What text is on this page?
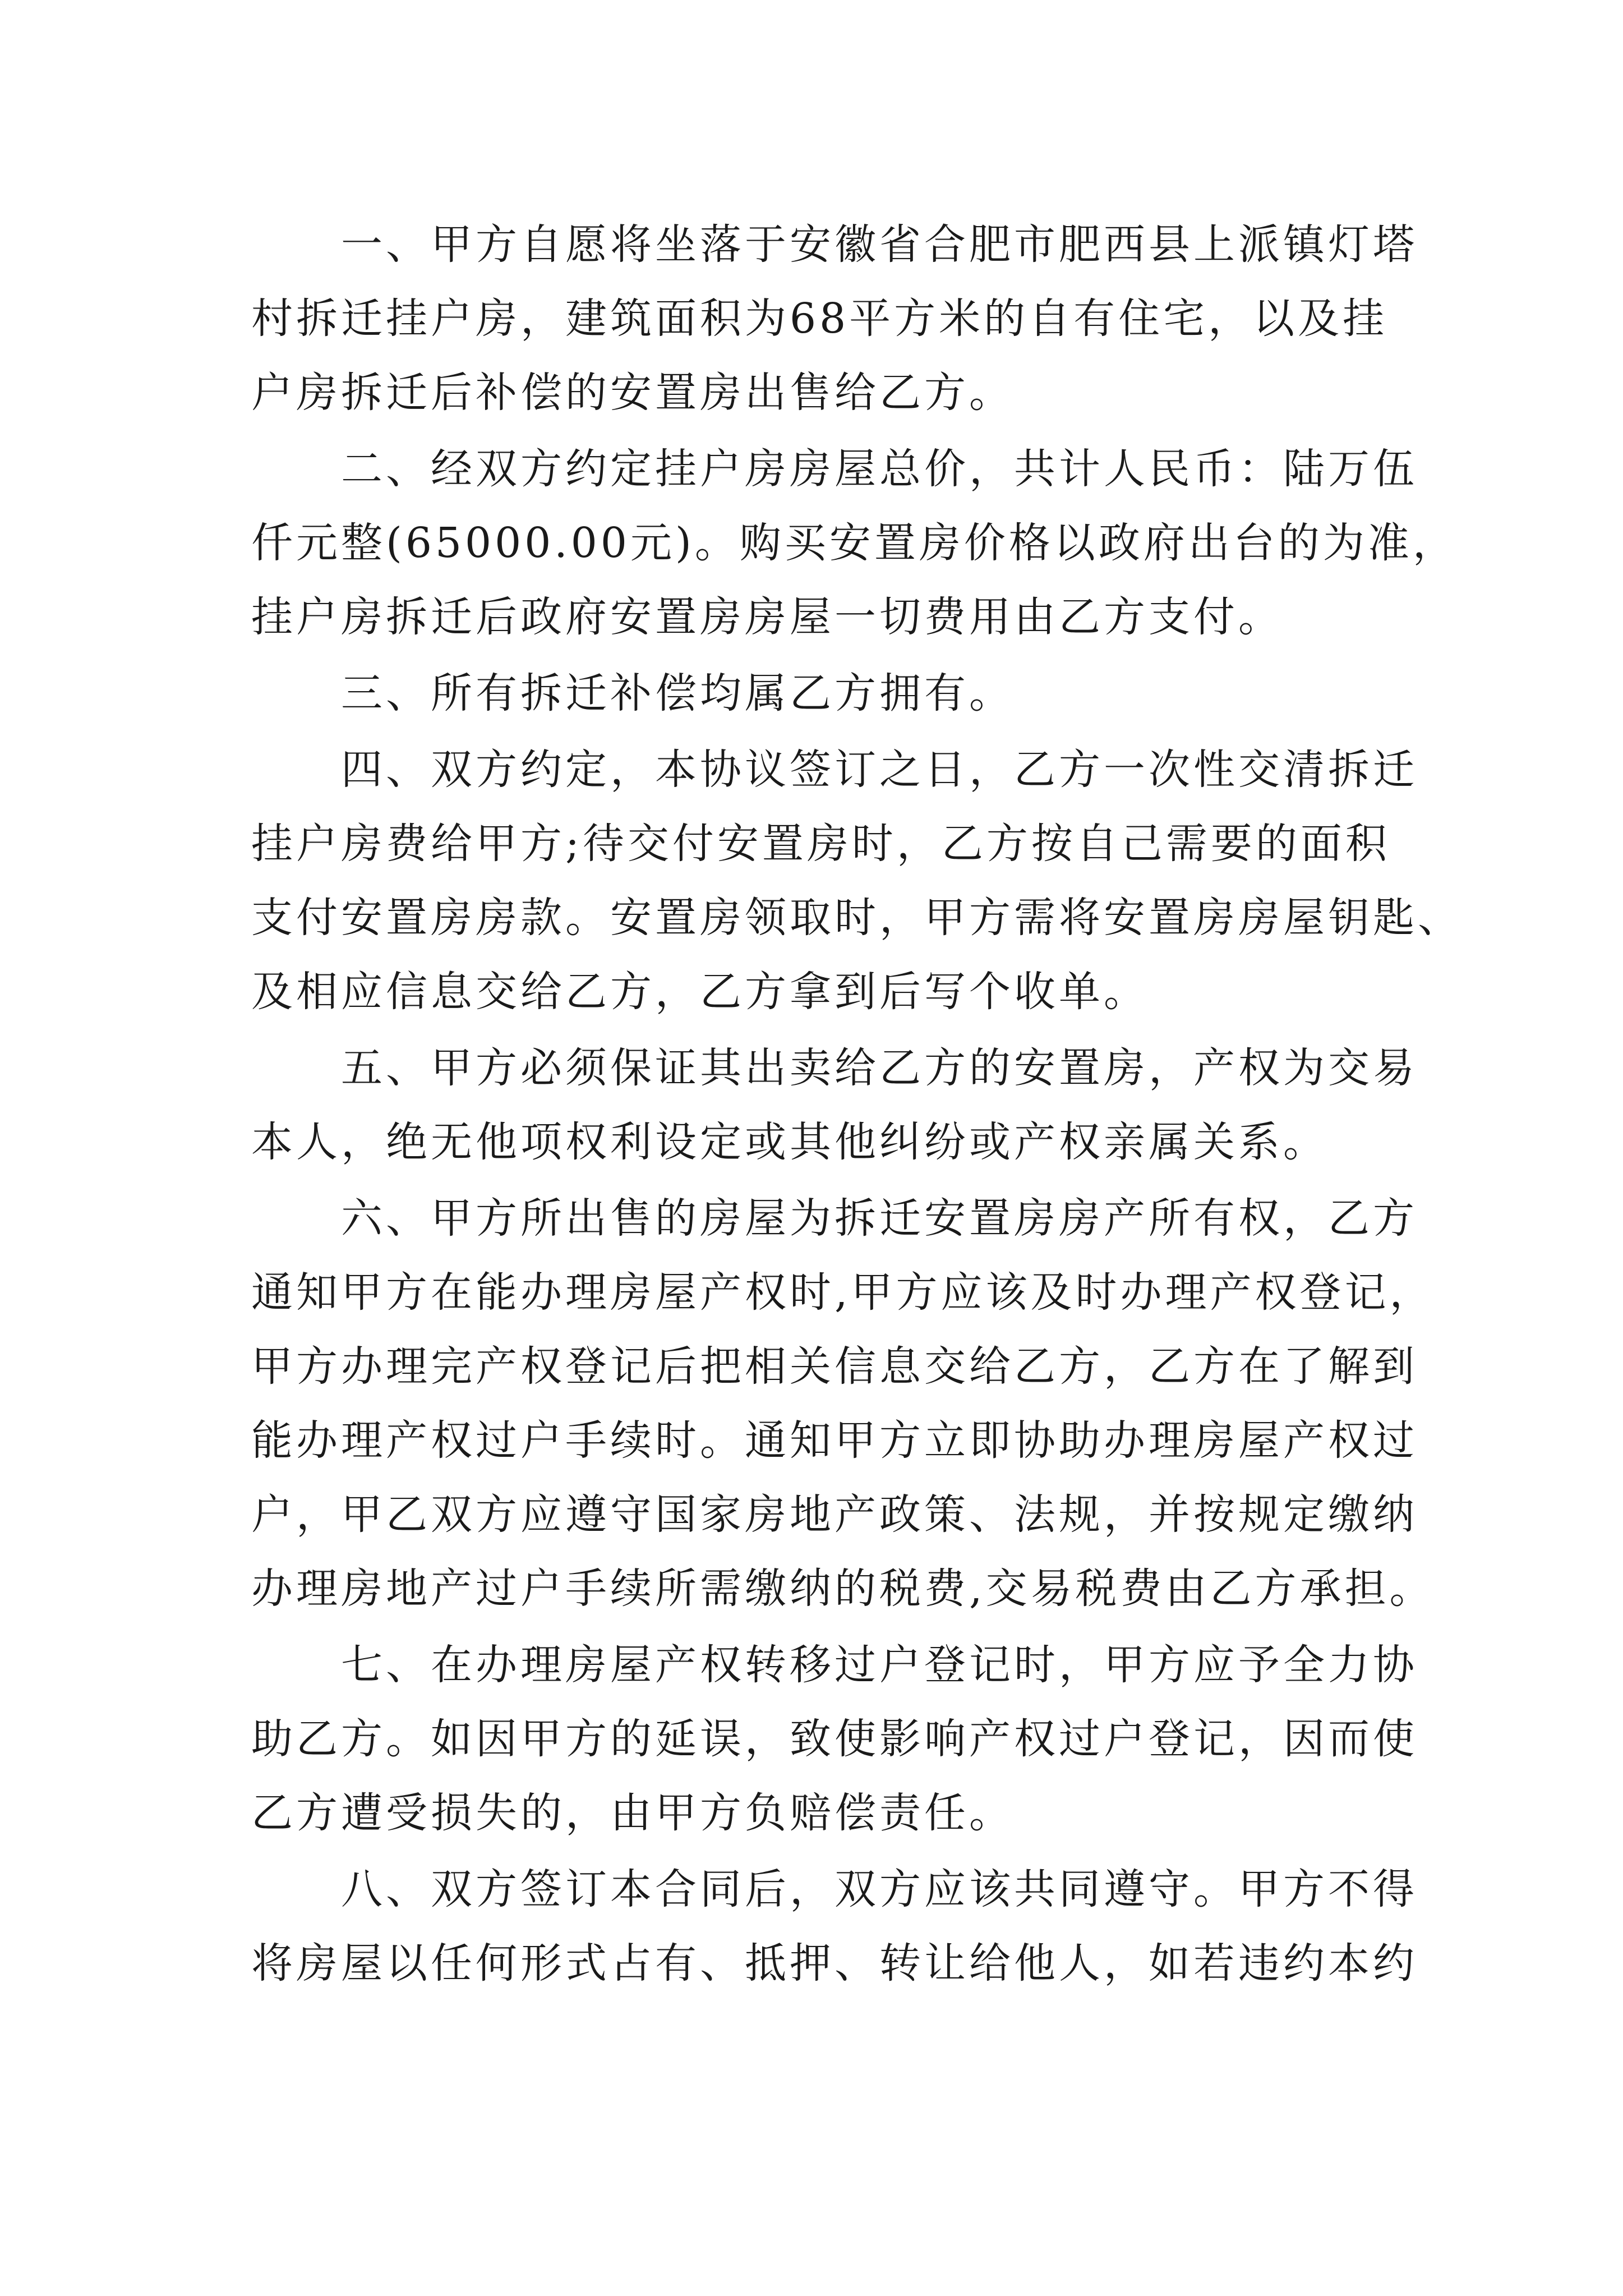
一、甲方自愿将坐落于安徽省合肥市肥西县上派镇灯塔
村拆迁挂户房，建筑面积为68平方米的自有住宅，以及挂
户房拆迁后补偿的安置房出售给乙方。
二、经双方约定挂户房房屋总价，共计人民币：陆万伍
仟元整(65000.00元)。购买安置房价格以政府出台的为准，
挂户房拆迁后政府安置房房屋一切费用由乙方支付。
三、所有拆迁补偿均属乙方拥有。
四、双方约定，本协议签订之日，乙方一次性交清拆迁
挂户房费给甲方;待交付安置房时，乙方按自己需要的面积
支付安置房房款。安置房领取时，甲方需将安置房房屋钥匙、
及相应信息交给乙方，乙方拿到后写个收单。
五、甲方必须保证其出卖给乙方的安置房，产权为交易
本人，绝无他项权利设定或其他纠纷或产权亲属关系。
六、甲方所出售的房屋为拆迁安置房房产所有权，乙方
通知甲方在能办理房屋产权时,甲方应该及时办理产权登记，
甲方办理完产权登记后把相关信息交给乙方，乙方在了解到
能办理产权过户手续时。通知甲方立即协助办理房屋产权过
户，甲乙双方应遵守国家房地产政策、法规，并按规定缴纳
办理房地产过户手续所需缴纳的税费,交易税费由乙方承担。
七、在办理房屋产权转移过户登记时，甲方应予全力协
助乙方。如因甲方的延误，致使影响产权过户登记，因而使
乙方遭受损失的，由甲方负赔偿责任。
八、双方签订本合同后，双方应该共同遵守。甲方不得
将房屋以任何形式占有、抵押、转让给他人，如若违约本约
